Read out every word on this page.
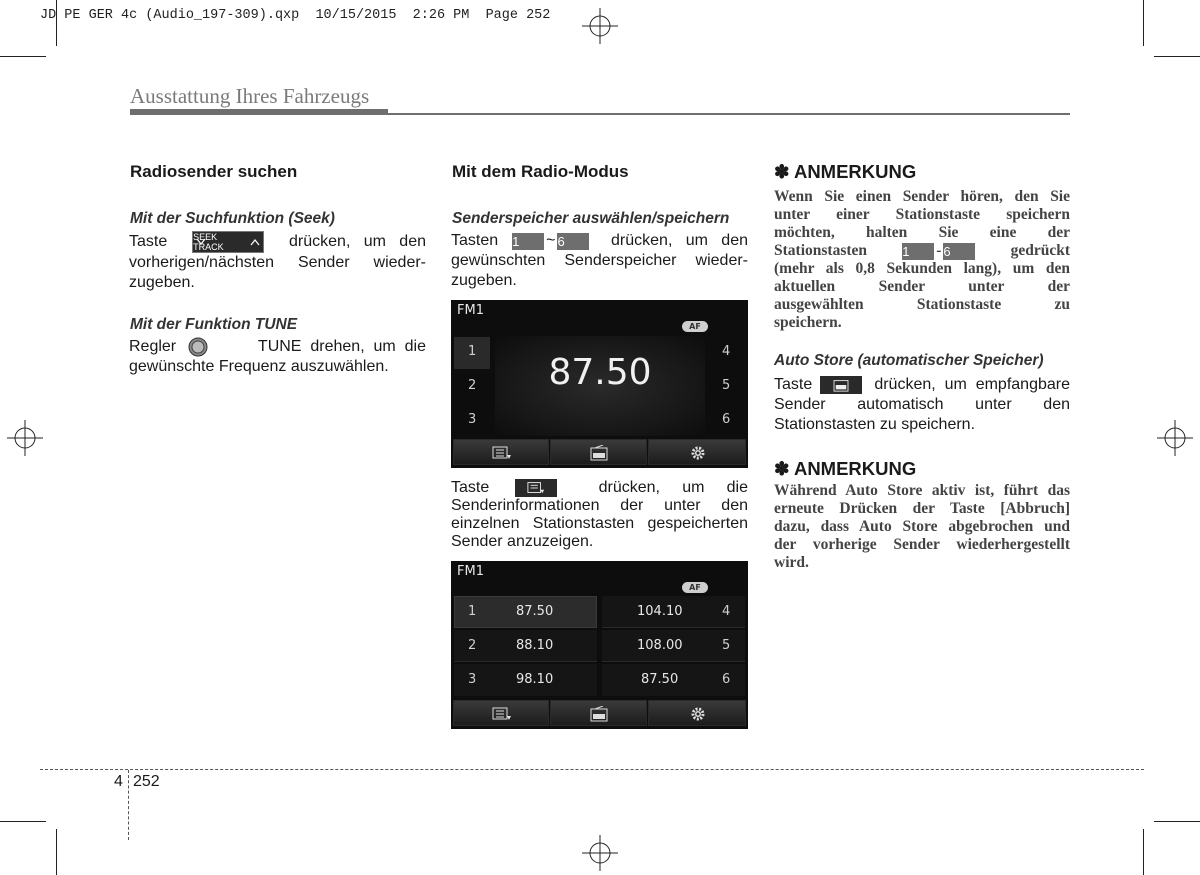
JD PE GER 4c (Audio_197-309).qxp  10/15/2015  2:26 PM  Page 252
Ausstattung Ihres Fahrzeugs
Radiosender suchen
Mit der Suchfunktion (Seek)
Taste	SEEK
TRACK	drücken,   um   den
vorherigen/nächsten Sender wieder-
zugeben.
Mit der Funktion TUNE
Regler	TUNE  drehen,  um  die
gewünschte Frequenz auszuwählen.
Mit dem Radio-Modus
Senderspeicher auswählen/speichern
Tasten 1	~ 6	drücken,   um   den
gewünschten Senderspeicher wieder-
zugeben.
FM1
AF
87.50
1
2
3
4
5
6
Taste	drücken,     um     die
Senderinformationen der unter den
einzelnen Stationstasten gespeicherten
Sender anzuzeigen.
FM1
AF
1	87.50	104.10	4
2	88.10	108.00	5
3	98.10	87.50	6
✽ ANMERKUNG
Wenn Sie einen Sender hören, den Sie
unter einer Stationstaste speichern
möchten, halten Sie eine der
Stationstasten	1	- 6	gedrückt
(mehr als 0,8 Sekunden lang), um den
aktuellen Sender unter der
ausgewählten Stationstaste zu
speichern.
Auto Store (automatischer Speicher)
Taste	drücken,  um  empfangbare
Sender automatisch unter den
Stationstasten zu speichern.
✽ ANMERKUNG
Während Auto Store aktiv ist, führt das
erneute Drücken der Taste [Abbruch]
dazu, dass Auto Store abgebrochen und
der vorherige Sender wiederhergestellt
wird.
4 252
